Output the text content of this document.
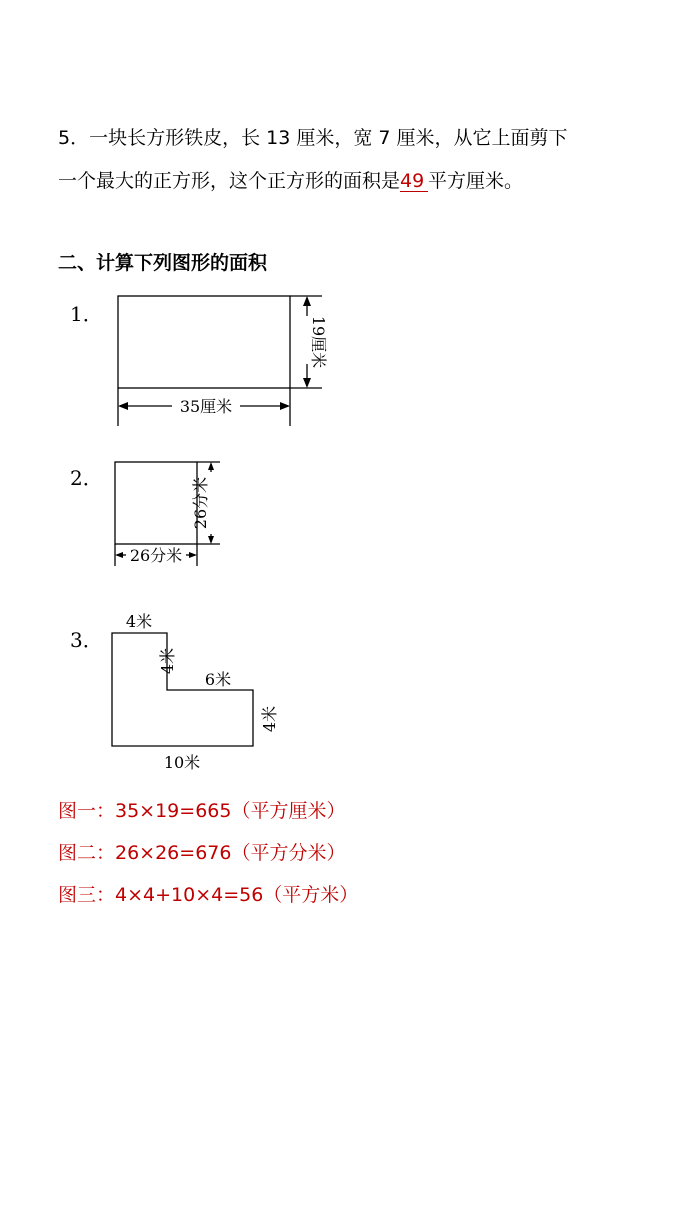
5．一块长方形铁皮，长 13 厘米，宽 7 厘米，从它上面剪下
一个最大的正方形，这个正方形的面积是49 平方厘米。
二、计算下列图形的面积
1．
35厘米
19厘米
2．
26分米
26分米
3．
4米
4米
6米
4米
10米
图一：35×19=665（平方厘米）
图二：26×26=676（平方分米）
图三：4×4+10×4=56（平方米）
